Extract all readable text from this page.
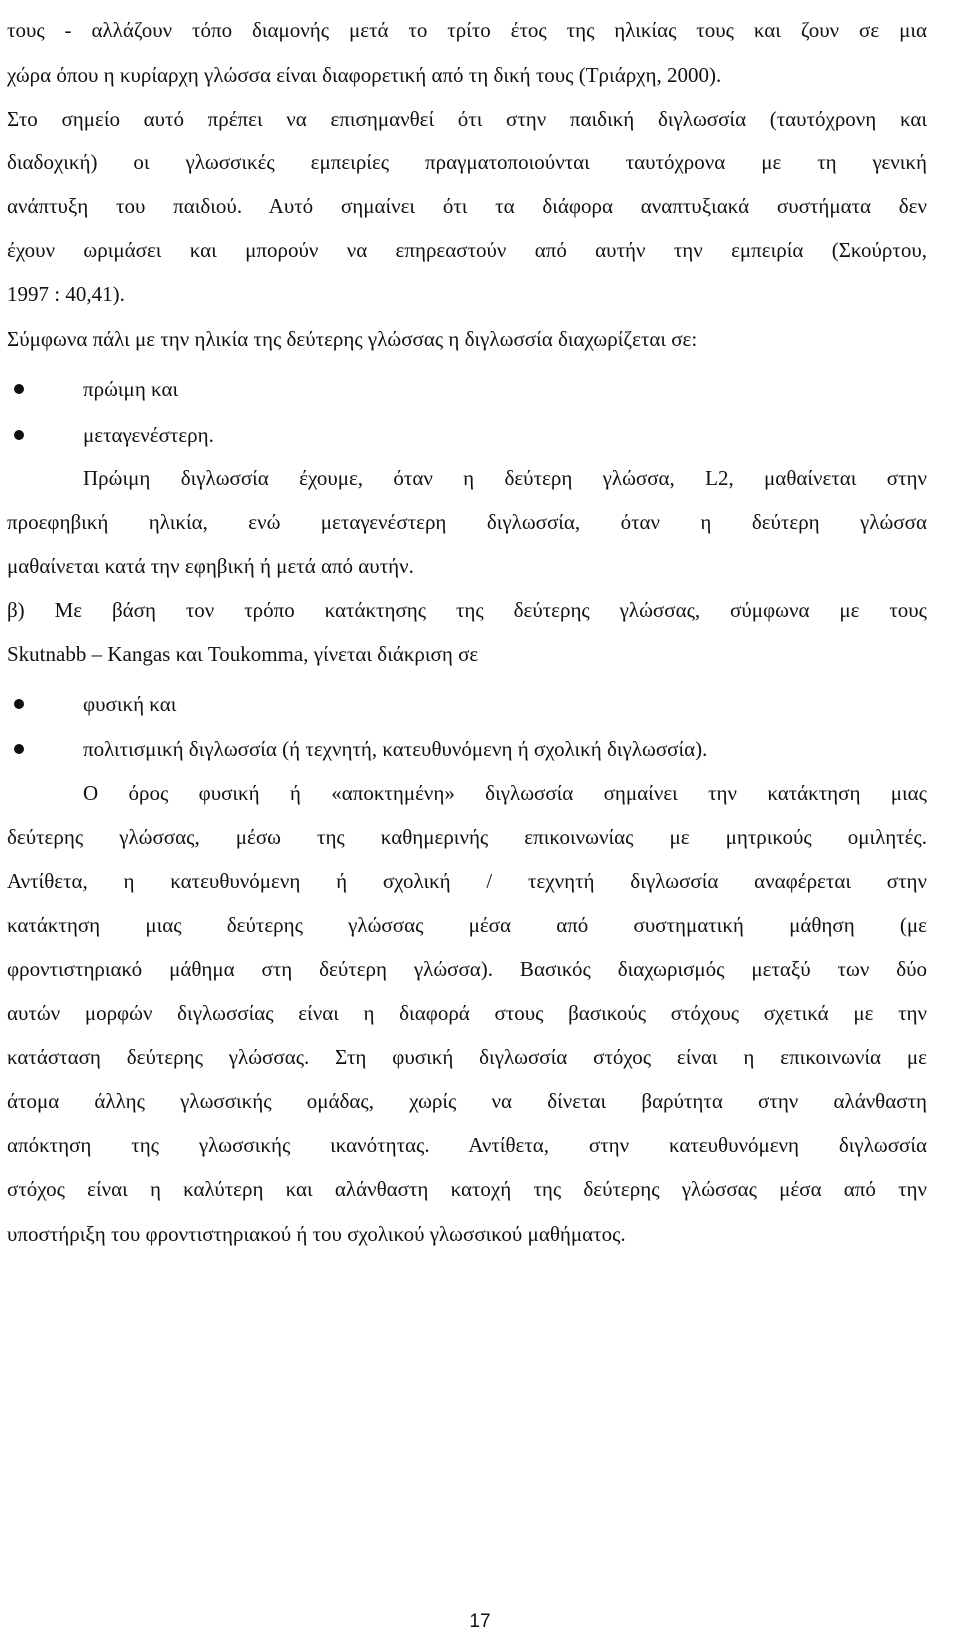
τους - αλλάζουν τόπο διαμονής μετά το τρίτο έτος της ηλικίας τους και ζουν σε μια
χώρα όπου η κυρίαρχη γλώσσα είναι διαφορετική από τη δική τους (Τριάρχη, 2000).
Στο σημείο αυτό πρέπει να επισημανθεί ότι στην παιδική διγλωσσία (ταυτόχρονη και
διαδοχική) οι γλωσσικές εμπειρίες πραγματοποιούνται ταυτόχρονα με τη γενική
ανάπτυξη του παιδιού. Αυτό σημαίνει ότι τα διάφορα αναπτυξιακά συστήματα δεν
έχουν ωριμάσει και μπορούν να επηρεαστούν από αυτήν την εμπειρία (Σκούρτου,
1997 : 40,41).
Σύμφωνα πάλι με την ηλικία της δεύτερης γλώσσας η διγλωσσία διαχωρίζεται σε:
πρώιμη και
μεταγενέστερη.
Πρώιμη διγλωσσία έχουμε, όταν η δεύτερη γλώσσα, L2, μαθαίνεται στην
προεφηβική ηλικία, ενώ μεταγενέστερη διγλωσσία, όταν η δεύτερη γλώσσα
μαθαίνεται κατά την εφηβική ή μετά από αυτήν.
β) Με βάση τον τρόπο κατάκτησης της δεύτερης γλώσσας, σύμφωνα με τους
Skutnabb – Kangas και Toukomma, γίνεται διάκριση σε
φυσική και
πολιτισμική διγλωσσία (ή τεχνητή, κατευθυνόμενη ή σχολική διγλωσσία).
Ο όρος φυσική ή «αποκτημένη» διγλωσσία σημαίνει την κατάκτηση μιας
δεύτερης γλώσσας, μέσω της καθημερινής επικοινωνίας με μητρικούς ομιλητές.
Αντίθετα, η κατευθυνόμενη ή σχολική / τεχνητή διγλωσσία αναφέρεται στην
κατάκτηση μιας δεύτερης γλώσσας μέσα από συστηματική μάθηση (με
φροντιστηριακό μάθημα στη δεύτερη γλώσσα). Βασικός διαχωρισμός μεταξύ των δύο
αυτών μορφών διγλωσσίας είναι η διαφορά στους βασικούς στόχους σχετικά με την
κατάσταση δεύτερης γλώσσας. Στη φυσική διγλωσσία στόχος είναι η επικοινωνία με
άτομα άλλης γλωσσικής ομάδας, χωρίς να δίνεται βαρύτητα στην αλάνθαστη
απόκτηση της γλωσσικής ικανότητας. Αντίθετα, στην κατευθυνόμενη διγλωσσία
στόχος είναι η καλύτερη και αλάνθαστη κατοχή της δεύτερης γλώσσας μέσα από την
υποστήριξη του φροντιστηριακού ή του σχολικού γλωσσικού μαθήματος.
17
